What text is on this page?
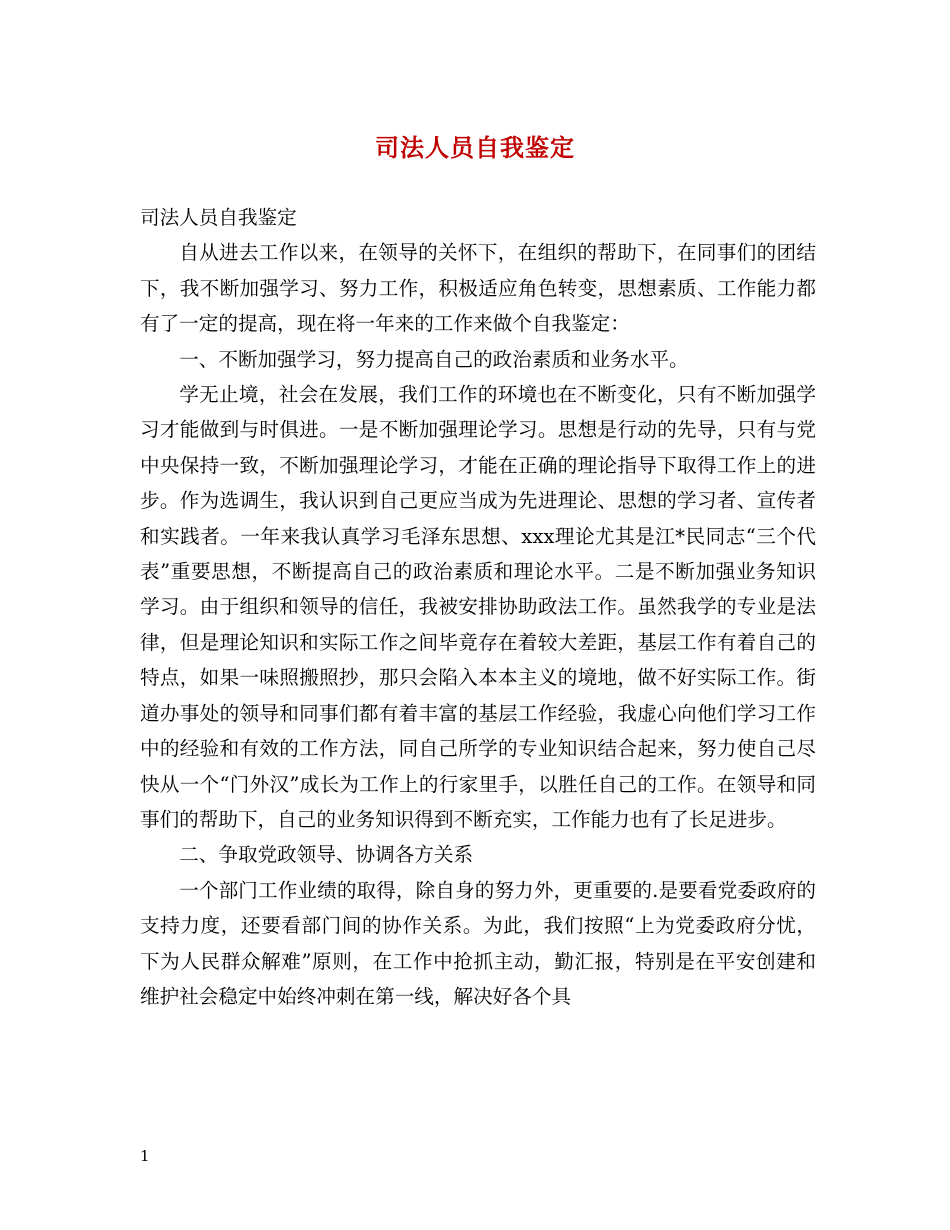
司法人员自我鉴定

司法人员自我鉴定

自从进去工作以来，在领导的关怀下，在组织的帮助下，在同事们的团结下，我不断加强学习、努力工作，积极适应角色转变，思想素质、工作能力都有了一定的提高，现在将一年来的工作来做个自我鉴定：

一、不断加强学习，努力提高自己的政治素质和业务水平。

学无止境，社会在发展，我们工作的环境也在不断变化，只有不断加强学习才能做到与时俱进。一是不断加强理论学习。思想是行动的先导，只有与党中央保持一致，不断加强理论学习，才能在正确的理论指导下取得工作上的进步。作为选调生，我认识到自己更应当成为先进理论、思想的学习者、宣传者和实践者。一年来我认真学习毛泽东思想、xxx理论尤其是江*民同志“三个代表”重要思想，不断提高自己的政治素质和理论水平。二是不断加强业务知识学习。由于组织和领导的信任，我被安排协助政法工作。虽然我学的专业是法律，但是理论知识和实际工作之间毕竟存在着较大差距，基层工作有着自己的特点，如果一味照搬照抄，那只会陷入本本主义的境地，做不好实际工作。街道办事处的领导和同事们都有着丰富的基层工作经验，我虚心向他们学习工作中的经验和有效的工作方法，同自己所学的专业知识结合起来，努力使自己尽快从一个“门外汉”成长为工作上的行家里手，以胜任自己的工作。在领导和同事们的帮助下，自己的业务知识得到不断充实，工作能力也有了长足进步。

二、争取党政领导、协调各方关系

一个部门工作业绩的取得，除自身的努力外，更重要的.是要看党委政府的支持力度，还要看部门间的协作关系。为此，我们按照“上为党委政府分忧，下为人民群众解难”原则，在工作中抢抓主动，勤汇报，特别是在平安创建和维护社会稳定中始终冲刺在第一线，解决好各个具

1
